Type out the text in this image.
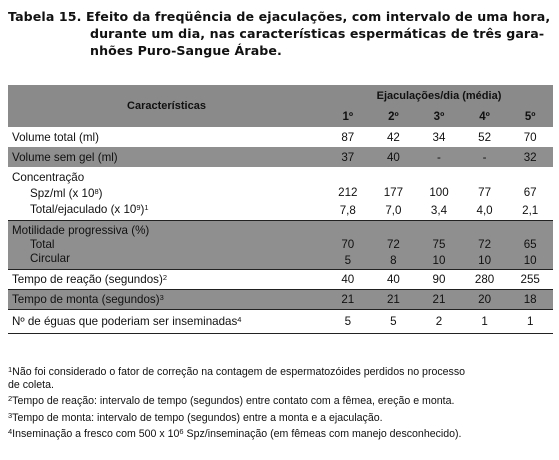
Tabela 15. Efeito da freqüência de ejaculações, com intervalo de uma hora,
durante um dia, nas características espermáticas de três gara-
nhões Puro-Sangue Árabe.
Características	Ejaculações/dia (média)				
	1º	2º	3º	4º	5º
Volume total (ml)	87	42	34	52	70
Volume sem gel (ml)	37	40	-	-	32
Concentração					
Spz/ml (x $10^8$)	212	177	100	77	67
Total/ejaculado (x $10^9)^1$	7,8	7,0	3,4	4,0	2,1
Motilidade progressiva (%)					
Total	70	72	75	72	65
Circular	5	8	10	10	10
Tempo de reação (segundos)$^2$	40	40	90	280	255
Tempo de monta (segundos)$^3$	21	21	21	20	18
Nº de éguas que poderiam ser inseminadas$^4$	5	5	2	1	1
$^1$Não foi considerado o fator de correção na contagem de espermatozóides perdidos no processo
de coleta.
$^2$Tempo de reação: intervalo de tempo (segundos) entre contato com a fêmea, ereção e monta.
$^3$Tempo de monta: intervalo de tempo (segundos) entre a monta e a ejaculação.
$^4$Inseminação a fresco com 500 x $10^6$ Spz/inseminação (em fêmeas com manejo desconhecido).
